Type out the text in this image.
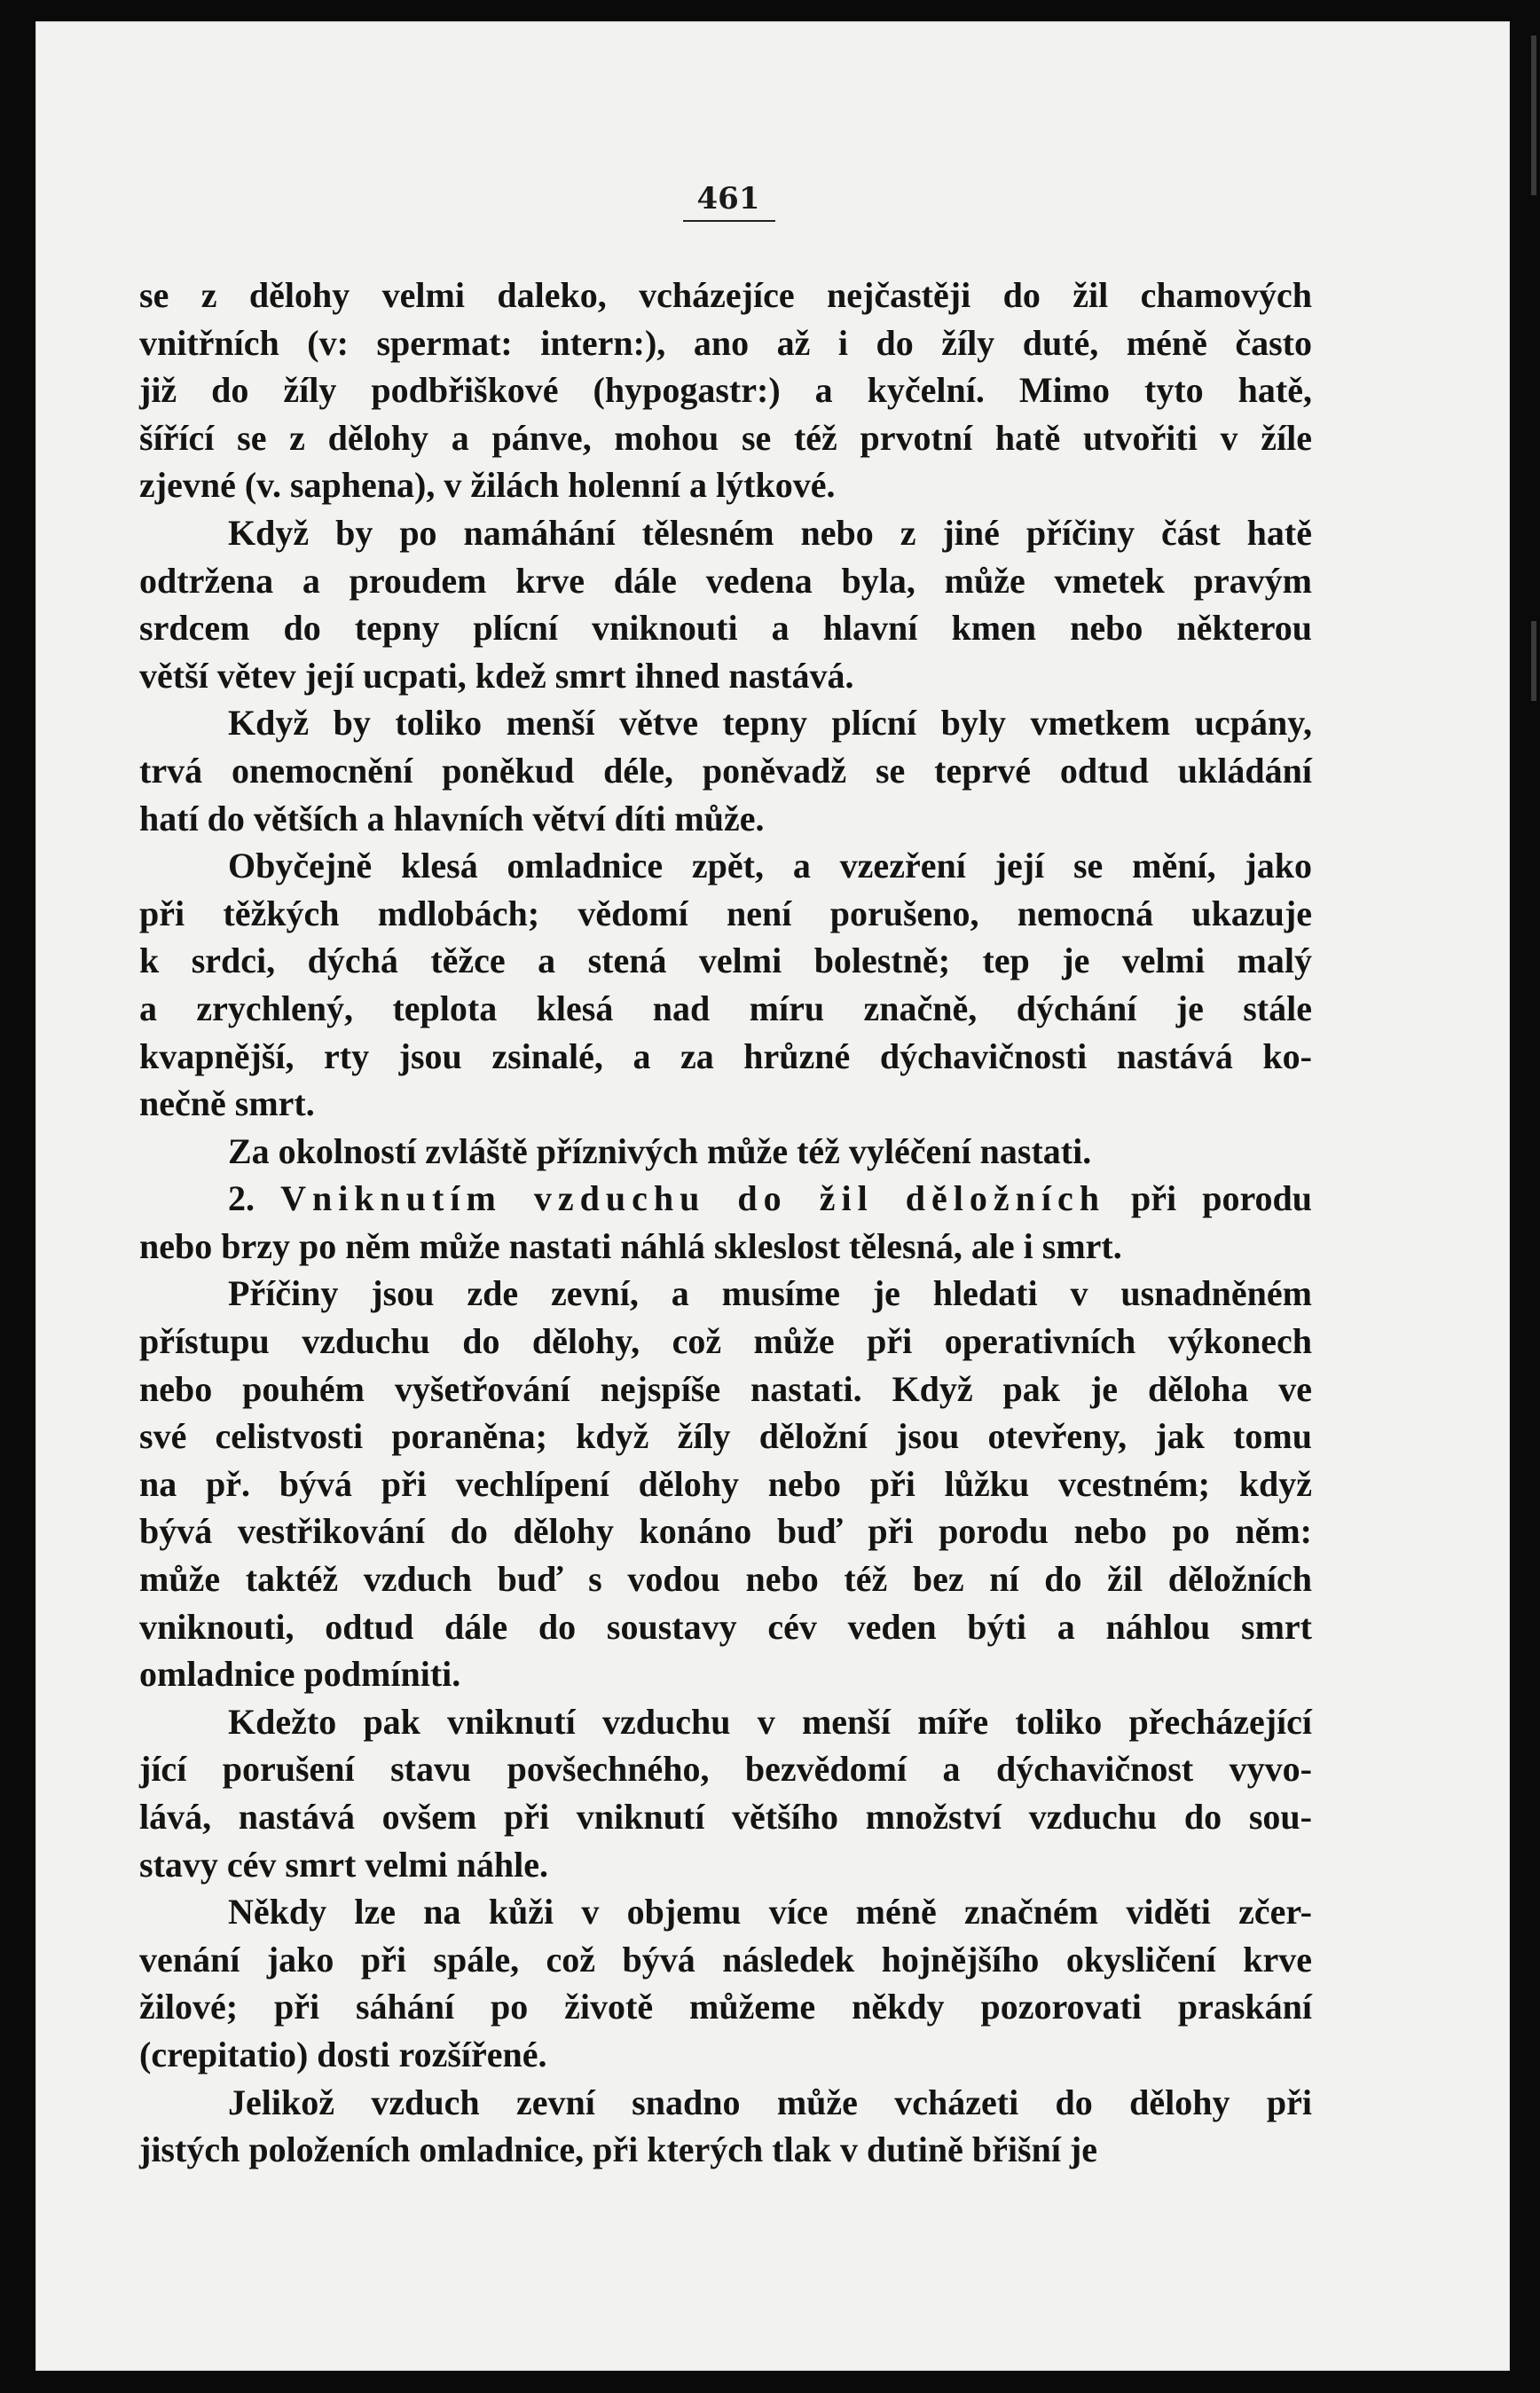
461
se z dělohy velmi daleko, vcházejíce nejčastěji do žil chamových
vnitřních (v: spermat: intern:), ano až i do žíly duté, méně často
již do žíly podbřiškové (hypogastr:) a kyčelní. Mimo tyto hatě,
šířící se z dělohy a pánve, mohou se též prvotní hatě utvořiti v žíle
zjevné (v. saphena), v žilách holenní a lýtkové.
Když by po namáhání tělesném nebo z jiné příčiny část hatě
odtržena a proudem krve dále vedena byla, může vmetek pravým
srdcem do tepny plícní vniknouti a hlavní kmen nebo některou
větší větev její ucpati, kdež smrt ihned nastává.
Když by toliko menší větve tepny plícní byly vmetkem ucpány,
trvá onemocnění poněkud déle, poněvadž se teprvé odtud ukládání
hatí do větších a hlavních větví díti může.
Obyčejně klesá omladnice zpět, a vzezření její se mění, jako
při těžkých mdlobách; vědomí není porušeno, nemocná ukazuje
k srdci, dýchá těžce a stená velmi bolestně; tep je velmi malý
a zrychlený, teplota klesá nad míru značně, dýchání je stále
kvapnější, rty jsou zsinalé, a za hrůzné dýchavičnosti nastává ko-
nečně smrt.
Za okolností zvláště příznivých může též vyléčení nastati.
2. Vniknutím vzduchu do žil děložních při porodu
nebo brzy po něm může nastati náhlá skleslost tělesná, ale i smrt.
Příčiny jsou zde zevní, a musíme je hledati v usnadněném
přístupu vzduchu do dělohy, což může při operativních výkonech
nebo pouhém vyšetřování nejspíše nastati. Když pak je děloha ve
své celistvosti poraněna; když žíly děložní jsou otevřeny, jak tomu
na př. bývá při vechlípení dělohy nebo při lůžku vcestném; když
bývá vestřikování do dělohy konáno buď při porodu nebo po něm:
může taktéž vzduch buď s vodou nebo též bez ní do žil děložních
vniknouti, odtud dále do soustavy cév veden býti a náhlou smrt
omladnice podmíniti.
Kdežto pak vniknutí vzduchu v menší míře toliko přecházející
jící porušení stavu povšechného, bezvědomí a dýchavičnost vyvo-
lává, nastává ovšem při vniknutí většího množství vzduchu do sou-
stavy cév smrt velmi náhle.
Někdy lze na kůži v objemu více méně značném viděti zčer-
venání jako při spále, což bývá následek hojnějšího okysličení krve
žilové; při sáhání po životě můžeme někdy pozorovati praskání
(crepitatio) dosti rozšířené.
Jelikož vzduch zevní snadno může vcházeti do dělohy při
jistých položeních omladnice, při kterých tlak v dutině břišní je
